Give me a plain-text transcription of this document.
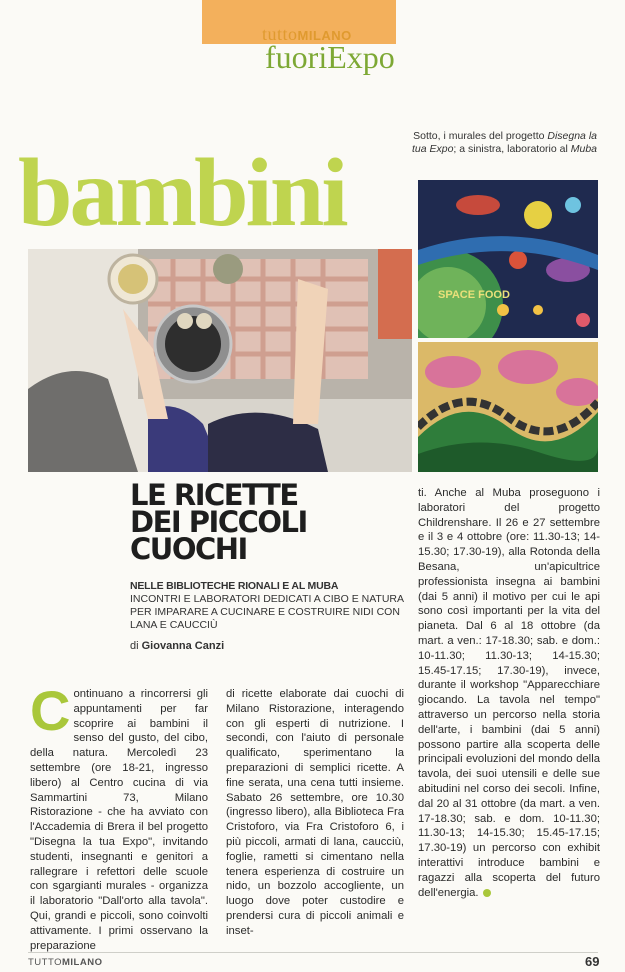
tuttoMILANO
fuoriExpo
Sotto, i murales del progetto Disegna la tua Expo; a sinistra, laboratorio al Muba
bambini
SPACE FOOD
LE RICETTE
DEI PICCOLI
CUOCHI
NELLE BIBLIOTECHE RIONALI E AL MUBA
INCONTRI E LABORATORI DEDICATI A CIBO E NATURA PER IMPARARE A CUCINARE E COSTRUIRE NIDI CON LANA E CAUCCIÙ
di Giovanna Canzi
Continuano a rincorrersi gli appuntamenti per far scoprire ai bambini il senso del gusto, del cibo, della natura. Mercoledì 23 settembre (ore 18-21, ingresso libero) al Centro cucina di via Sammartini 73, Milano Ristorazione - che ha avviato con l'Accademia di Brera il bel progetto "Disegna la tua Expo", invitando studenti, insegnanti e genitori a rallegrare i refettori delle scuole con sgargianti murales - organizza il laboratorio "Dall'orto alla tavola". Qui, grandi e piccoli, sono coinvolti attivamente. I primi osservano la preparazione
di ricette elaborate dai cuochi di Milano Ristorazione, interagendo con gli esperti di nutrizione. I secondi, con l'aiuto di personale qualificato, sperimentano la preparazioni di semplici ricette. A fine serata, una cena tutti insieme. Sabato 26 settembre, ore 10.30 (ingresso libero), alla Biblioteca Fra Cristoforo, via Fra Cristoforo 6, i più piccoli, armati di lana, caucciù, foglie, rametti si cimentano nella tenera esperienza di costruire un nido, un bozzolo accogliente, un luogo dove poter custodire e prendersi cura di piccoli animali e inset-
ti. Anche al Muba proseguono i laboratori del progetto Childrenshare. Il 26 e 27 settembre e il 3 e 4 ottobre (ore: 11.30-13; 14-15.30; 17.30-19), alla Rotonda della Besana, un'apicultrice professionista insegna ai bambini (dai 5 anni) il motivo per cui le api sono così importanti per la vita del pianeta. Dal 6 al 18 ottobre (da mart. a ven.: 17-18.30; sab. e dom.: 10-11.30; 11.30-13; 14-15.30; 15.45-17.15; 17.30-19), invece, durante il workshop "Apparecchiare giocando. La tavola nel tempo" attraverso un percorso nella storia dell'arte, i bambini (dai 5 anni) possono partire alla scoperta delle principali evoluzioni del mondo della tavola, dei suoi utensili e delle sue abitudini nel corso dei secoli. Infine, dal 20 al 31 ottobre (da mart. a ven. 17-18.30; sab. e dom. 10-11.30; 11.30-13; 14-15.30; 15.45-17.15; 17.30-19) un percorso con exhibit interattivi introduce bambini e ragazzi alla scoperta del futuro dell'energia.
TUTTOMILANO	69
